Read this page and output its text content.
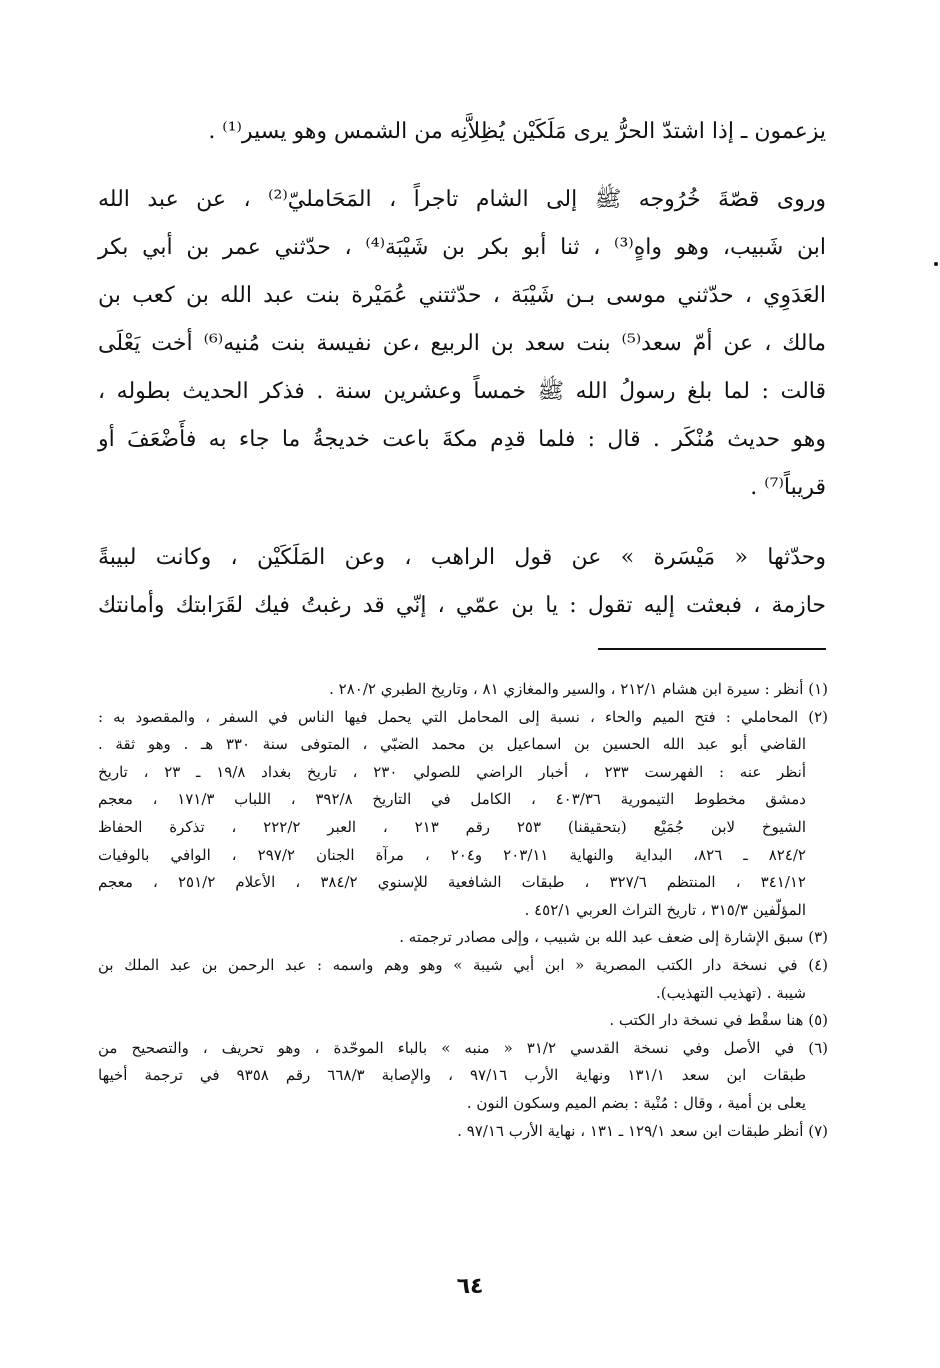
يزعمون ـ إذا اشتدّ الحرُّ يرى مَلَكَيْن يُظِلاَّنِه من الشمس وهو يسير⁽¹⁾ .
وروى قصّةَ خُرُوجه ﷺ إلى الشام تاجراً ، المَحَامليّ⁽²⁾ ، عن عبد الله
ابن شَبيب، وهو واهٍ⁽³⁾ ، ثنا أبو بكر بن شَيْبَة⁽⁴⁾ ، حدّثني عمر بن أبي بكر
العَدَوِي ، حدّثني موسى بـن شَيْبَة ، حدّثتني عُمَيْرة بنت عبد الله بن كعب بن
مالك ، عن أمّ سعد⁽⁵⁾ بنت سعد بن الربيع ،عن نفيسة بنت مُنيه⁽⁶⁾ أخت يَعْلَى
قالت : لما بلغ رسولُ الله ﷺ خمساً وعشرين سنة . فذكر الحديث بطوله ،
وهو حديث مُنْكَر . قال : فلما قدِم مكةَ باعت خديجةُ ما جاء به فأَضْعَفَ أو
قريباً⁽⁷⁾ .
وحدّثها « مَيْسَرة » عن قول الراهب ، وعن المَلَكَيْن ، وكانت لبيبةً
حازمة ، فبعثت إليه تقول : يا بن عمّي ، إنّي قد رغبتُ فيك لقَرَابتك وأمانتك
(١) أنظر : سيرة ابن هشام ٢١٢/١ ، والسير والمغازي ٨١ ، وتاريخ الطبري ٢٨٠/٢ .
(٢) المحاملي : فتح الميم والحاء ، نسبة إلى المحامل التي يحمل فيها الناس في السفر ، والمقصود به :
القاضي أبو عبد الله الحسين بن اسماعيل بن محمد الضبّي ، المتوفى سنة ٣٣٠ هـ . وهو ثقة .
أنظر عنه : الفهرست ٢٣٣ ، أخبار الراضي للصولي ٢٣٠ ، تاريخ بغداد ١٩/٨ ـ ٢٣ ، تاريخ
دمشق مخطوط التيمورية ٤٠٣/٣٦ ، الكامل في التاريخ ٣٩٢/٨ ، اللباب ١٧١/٣ ، معجم
الشيوخ لابن جُمَيْع (بتحقيقنا) ٢٥٣ رقم ٢١٣ ، العبر ٢٢٢/٢ ، تذكرة الحفاظ
٨٢٤/٢ ـ ٨٢٦، البداية والنهاية ٢٠٣/١١ و٢٠٤ ، مرآة الجنان ٢٩٧/٢ ، الوافي بالوفيات
٣٤١/١٢ ، المنتظم ٣٢٧/٦ ، طبقات الشافعية للإسنوي ٣٨٤/٢ ، الأعلام ٢٥١/٢ ، معجم
المؤلّفين ٣١٥/٣ ، تاريخ التراث العربي ٤٥٢/١ .
(٣) سبق الإشارة إلى ضعف عبد الله بن شبيب ، وإلى مصادر ترجمته .
(٤) في نسخة دار الكتب المصرية « ابن أبي شيبة » وهو وهم واسمه : عبد الرحمن بن عبد الملك بن
شيبة . (تهذيب التهذيب).
(٥) هنا سقْط في نسخة دار الكتب .
(٦) في الأصل وفي نسخة القدسي ٣١/٢ « منبه » بالباء الموحّدة ، وهو تحريف ، والتصحيح من
طبقات ابن سعد ١٣١/١ ونهاية الأرب ٩٧/١٦ ، والإصابة ٦٦٨/٣ رقم ٩٣٥٨ في ترجمة أخيها
يعلى بن أمية ، وقال : مُنْية : بضم الميم وسكون النون .
(٧) أنظر طبقات ابن سعد ١٢٩/١ ـ ١٣١ ، نهاية الأرب ٩٧/١٦ .
٦٤
